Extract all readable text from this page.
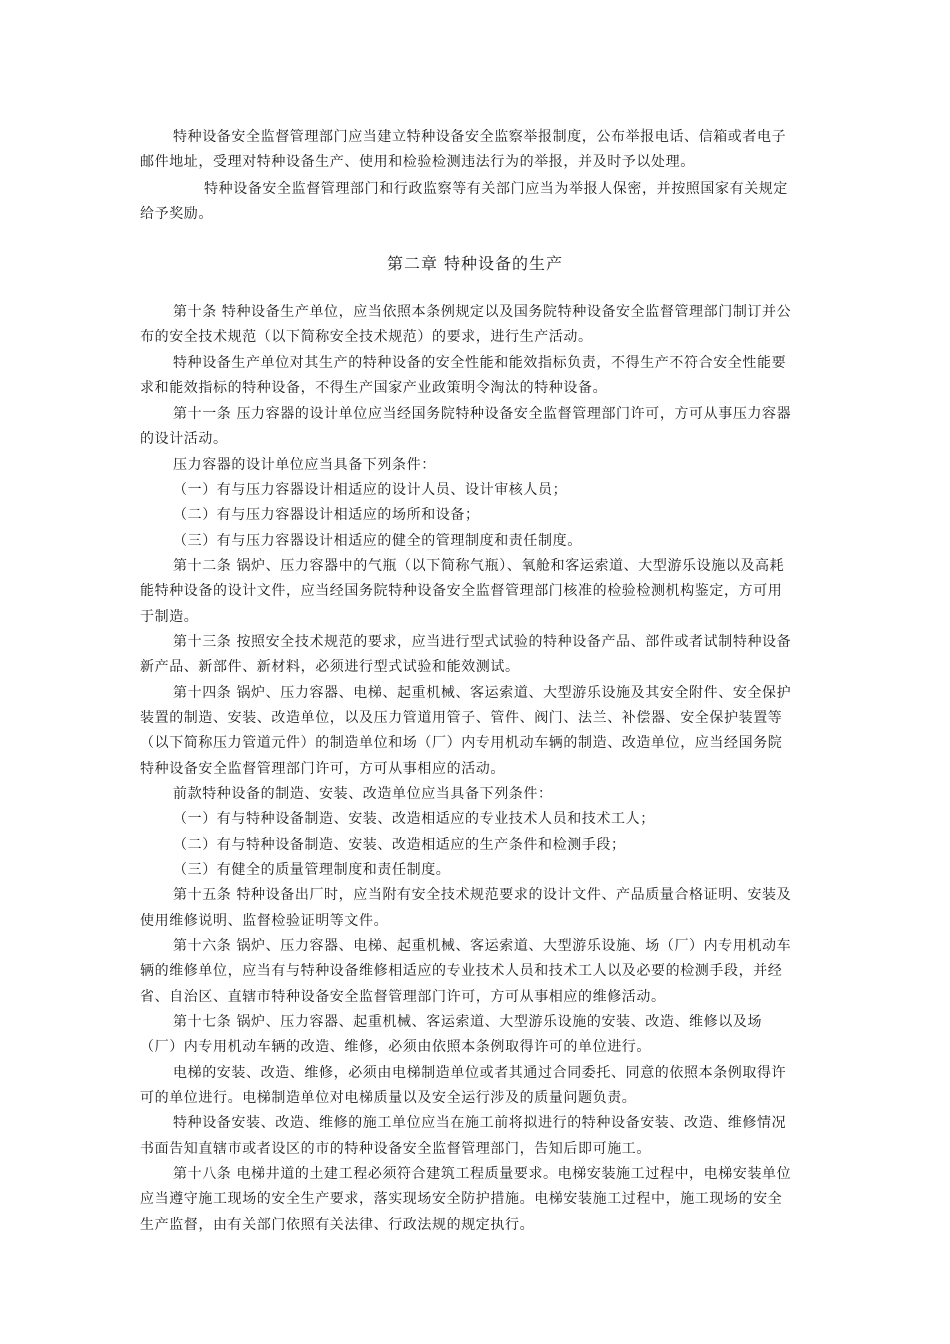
特种设备安全监督管理部门应当建立特种设备安全监察举报制度，公布举报电话、信箱或者电子
邮件地址，受理对特种设备生产、使用和检验检测违法行为的举报，并及时予以处理。
特种设备安全监督管理部门和行政监察等有关部门应当为举报人保密，并按照国家有关规定
给予奖励。
第二章 特种设备的生产
第十条 特种设备生产单位，应当依照本条例规定以及国务院特种设备安全监督管理部门制订并公
布的安全技术规范（以下简称安全技术规范）的要求，进行生产活动。
特种设备生产单位对其生产的特种设备的安全性能和能效指标负责，不得生产不符合安全性能要
求和能效指标的特种设备，不得生产国家产业政策明令淘汰的特种设备。
第十一条 压力容器的设计单位应当经国务院特种设备安全监督管理部门许可，方可从事压力容器
的设计活动。
压力容器的设计单位应当具备下列条件：
（一）有与压力容器设计相适应的设计人员、设计审核人员；
（二）有与压力容器设计相适应的场所和设备；
（三）有与压力容器设计相适应的健全的管理制度和责任制度。
第十二条 锅炉、压力容器中的气瓶（以下简称气瓶）、氧舱和客运索道、大型游乐设施以及高耗
能特种设备的设计文件，应当经国务院特种设备安全监督管理部门核准的检验检测机构鉴定，方可用
于制造。
第十三条 按照安全技术规范的要求，应当进行型式试验的特种设备产品、部件或者试制特种设备
新产品、新部件、新材料，必须进行型式试验和能效测试。
第十四条 锅炉、压力容器、电梯、起重机械、客运索道、大型游乐设施及其安全附件、安全保护
装置的制造、安装、改造单位，以及压力管道用管子、管件、阀门、法兰、补偿器、安全保护装置等
（以下简称压力管道元件）的制造单位和场（厂）内专用机动车辆的制造、改造单位，应当经国务院
特种设备安全监督管理部门许可，方可从事相应的活动。
前款特种设备的制造、安装、改造单位应当具备下列条件：
（一）有与特种设备制造、安装、改造相适应的专业技术人员和技术工人；
（二）有与特种设备制造、安装、改造相适应的生产条件和检测手段；
（三）有健全的质量管理制度和责任制度。
第十五条 特种设备出厂时，应当附有安全技术规范要求的设计文件、产品质量合格证明、安装及
使用维修说明、监督检验证明等文件。
第十六条 锅炉、压力容器、电梯、起重机械、客运索道、大型游乐设施、场（厂）内专用机动车
辆的维修单位，应当有与特种设备维修相适应的专业技术人员和技术工人以及必要的检测手段，并经
省、自治区、直辖市特种设备安全监督管理部门许可，方可从事相应的维修活动。
第十七条 锅炉、压力容器、起重机械、客运索道、大型游乐设施的安装、改造、维修以及场
（厂）内专用机动车辆的改造、维修，必须由依照本条例取得许可的单位进行。
电梯的安装、改造、维修，必须由电梯制造单位或者其通过合同委托、同意的依照本条例取得许
可的单位进行。电梯制造单位对电梯质量以及安全运行涉及的质量问题负责。
特种设备安装、改造、维修的施工单位应当在施工前将拟进行的特种设备安装、改造、维修情况
书面告知直辖市或者设区的市的特种设备安全监督管理部门，告知后即可施工。
第十八条 电梯井道的土建工程必须符合建筑工程质量要求。电梯安装施工过程中，电梯安装单位
应当遵守施工现场的安全生产要求，落实现场安全防护措施。电梯安装施工过程中，施工现场的安全
生产监督，由有关部门依照有关法律、行政法规的规定执行。
